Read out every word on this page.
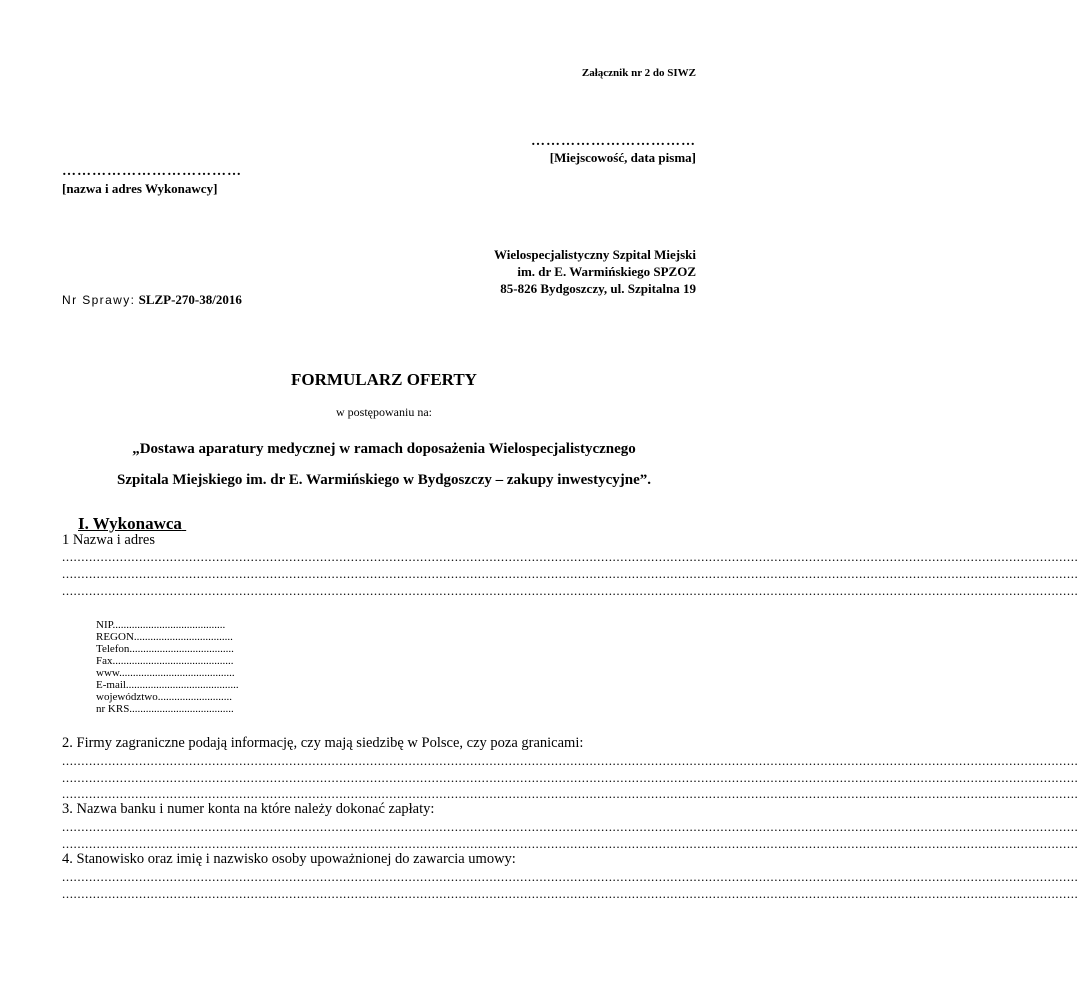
Załącznik nr 2 do SIWZ
……………………………
[Miejscowość, data pisma]
………………………………
[nazwa i adres Wykonawcy]
Wielospecjalistyczny Szpital Miejski
im. dr E. Warmińskiego SPZOZ
85-826 Bydgoszczy, ul. Szpitalna 19
Nr Sprawy: SLZP-270-38/2016
FORMULARZ OFERTY
w postępowaniu na:
„Dostawa aparatury medycznej w ramach doposażenia Wielospecjalistycznego
Szpitala Miejskiego im. dr E. Warmińskiego w Bydgoszczy – zakupy inwestycyjne”.
I. Wykonawca
1 Nazwa i adres
........................................................................................................................................................................................................................................................................
........................................................................................................................................................................................................................................................................
........................................................................................................................................................................................................................................................................
NIP.........................................
REGON....................................
Telefon......................................
Fax............................................
www..........................................
E-mail.........................................
województwo...........................
nr KRS......................................
2. Firmy zagraniczne podają informację, czy mają siedzibę w Polsce, czy poza granicami:
........................................................................................................................................................................................................................................................................
........................................................................................................................................................................................................................................................................
........................................................................................................................................................................................................................................................................
3. Nazwa banku i numer konta na które należy dokonać zapłaty:
........................................................................................................................................................................................................................................................................
........................................................................................................................................................................................................................................................................
4. Stanowisko oraz imię i nazwisko osoby upoważnionej do zawarcia umowy:
........................................................................................................................................................................................................................................................................
........................................................................................................................................................................................................................................................................
